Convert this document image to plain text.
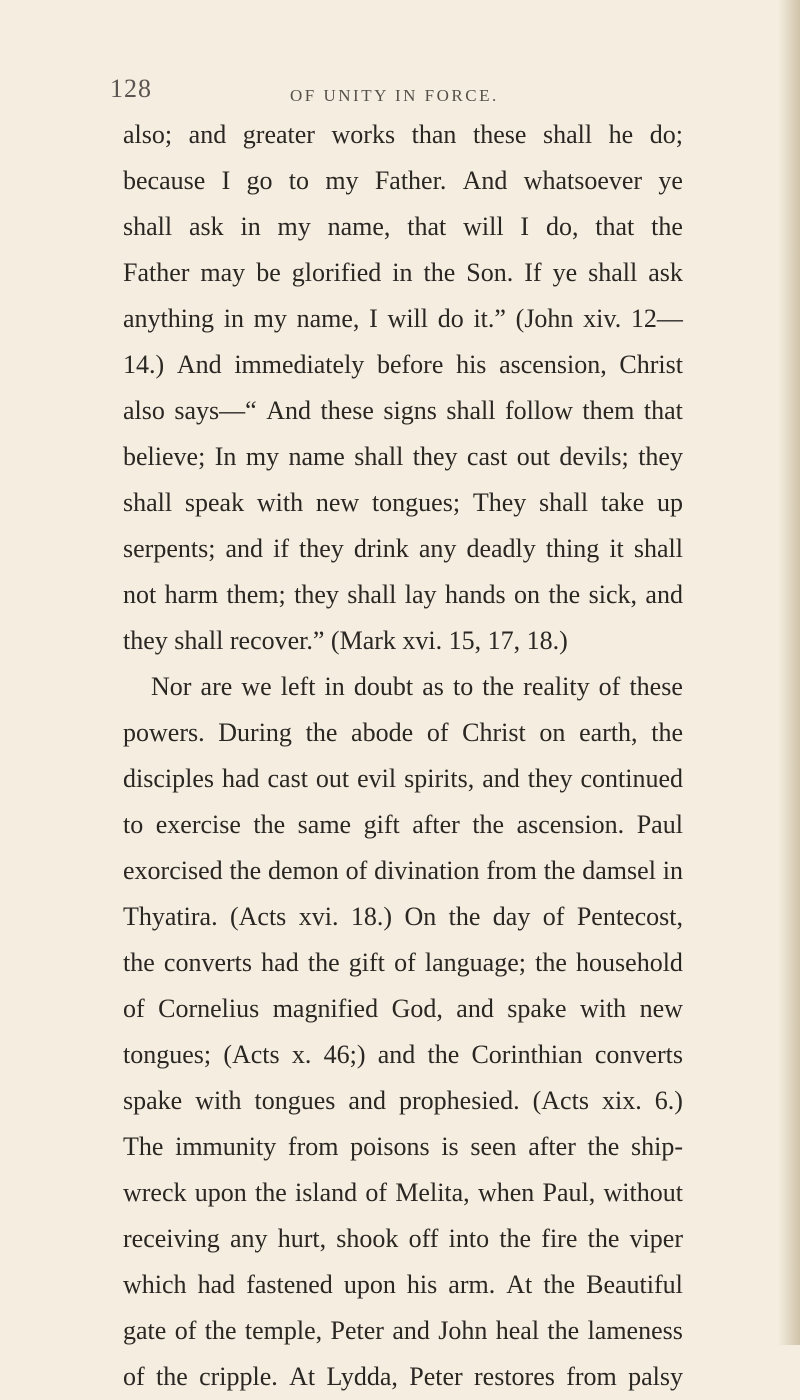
128	OF UNITY IN FORCE.
also; and greater works than these shall he do;
because I go to my Father. And whatsoever ye
shall ask in my name, that will I do, that the
Father may be glorified in the Son. If ye shall ask
anything in my name, I will do it.” (John xiv. 12—
14.) And immediately before his ascension, Christ
also says—“ And these signs shall follow them that
believe; In my name shall they cast out devils; they
shall speak with new tongues; They shall take up
serpents; and if they drink any deadly thing it shall
not harm them; they shall lay hands on the sick, and
they shall recover.” (Mark xvi. 15, 17, 18.)
Nor are we left in doubt as to the reality of these
powers. During the abode of Christ on earth, the
disciples had cast out evil spirits, and they continued
to exercise the same gift after the ascension. Paul
exorcised the demon of divination from the damsel in
Thyatira. (Acts xvi. 18.) On the day of Pentecost,
the converts had the gift of language; the household
of Cornelius magnified God, and spake with new
tongues; (Acts x. 46;) and the Corinthian converts
spake with tongues and prophesied. (Acts xix. 6.)
The immunity from poisons is seen after the ship-
wreck upon the island of Melita, when Paul, without
receiving any hurt, shook off into the fire the viper
which had fastened upon his arm. At the Beautiful
gate of the temple, Peter and John heal the lameness
of the cripple. At Lydda, Peter restores from palsy
